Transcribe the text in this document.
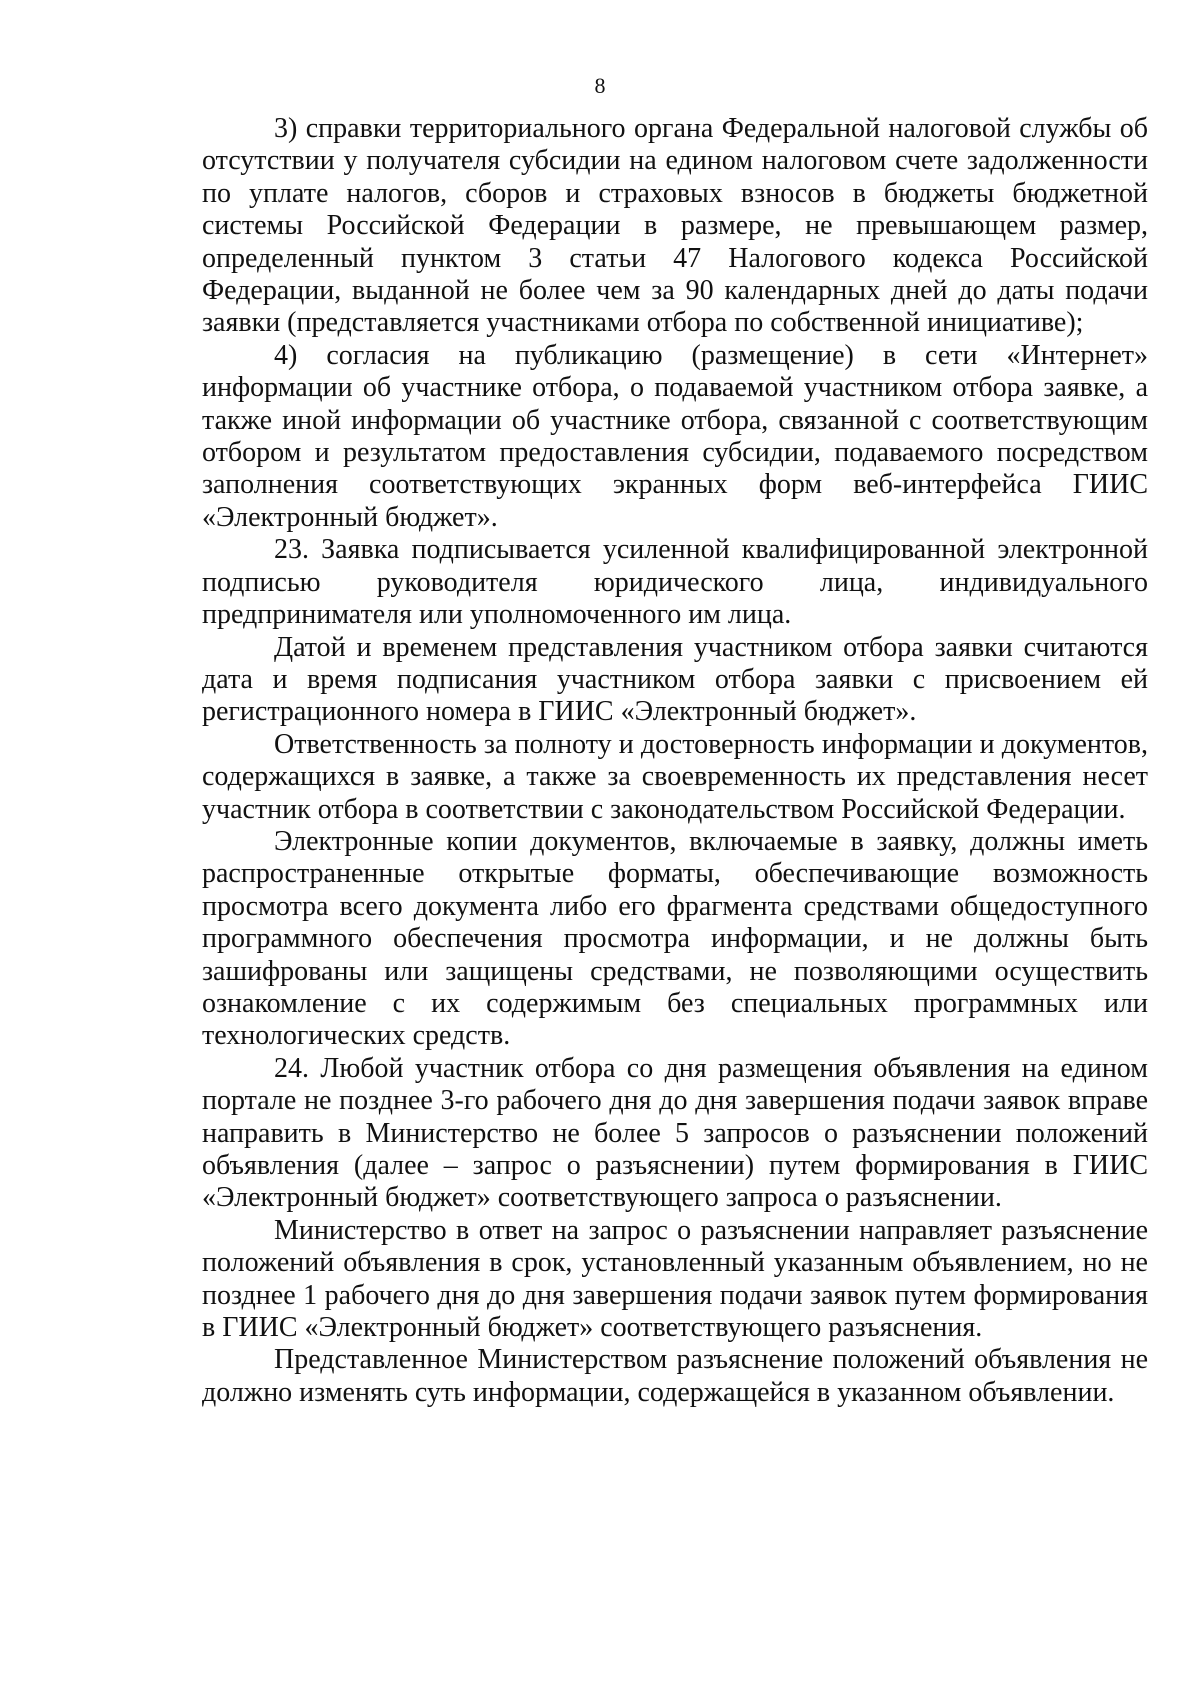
8

3) справки территориального органа Федеральной налоговой службы об отсутствии у получателя субсидии на едином налоговом счете задолженности по уплате налогов, сборов и страховых взносов в бюджеты бюджетной системы Российской Федерации в размере, не превышающем размер, определенный пунктом 3 статьи 47 Налогового кодекса Российской Федерации, выданной не более чем за 90 календарных дней до даты подачи заявки (представляется участниками отбора по собственной инициативе);

4) согласия на публикацию (размещение) в сети «Интернет» информации об участнике отбора, о подаваемой участником отбора заявке, а также иной информации об участнике отбора, связанной с соответствующим отбором и результатом предоставления субсидии, подаваемого посредством заполнения соответствующих экранных форм веб-интерфейса ГИИС «Электронный бюджет».

23. Заявка подписывается усиленной квалифицированной электронной подписью руководителя юридического лица, индивидуального предпринимателя или уполномоченного им лица.

Датой и временем представления участником отбора заявки считаются дата и время подписания участником отбора заявки с присвоением ей регистрационного номера в ГИИС «Электронный бюджет».

Ответственность за полноту и достоверность информации и документов, содержащихся в заявке, а также за своевременность их представления несет участник отбора в соответствии с законодательством Российской Федерации.

Электронные копии документов, включаемые в заявку, должны иметь распространенные открытые форматы, обеспечивающие возможность просмотра всего документа либо его фрагмента средствами общедоступного программного обеспечения просмотра информации, и не должны быть зашифрованы или защищены средствами, не позволяющими осуществить ознакомление с их содержимым без специальных программных или технологических средств.

24. Любой участник отбора со дня размещения объявления на едином портале не позднее 3-го рабочего дня до дня завершения подачи заявок вправе направить в Министерство не более 5 запросов о разъяснении положений объявления (далее – запрос о разъяснении) путем формирования в ГИИС «Электронный бюджет» соответствующего запроса о разъяснении.

Министерство в ответ на запрос о разъяснении направляет разъяснение положений объявления в срок, установленный указанным объявлением, но не позднее 1 рабочего дня до дня завершения подачи заявок путем формирования в ГИИС «Электронный бюджет» соответствующего разъяснения.

Представленное Министерством разъяснение положений объявления не должно изменять суть информации, содержащейся в указанном объявлении.
